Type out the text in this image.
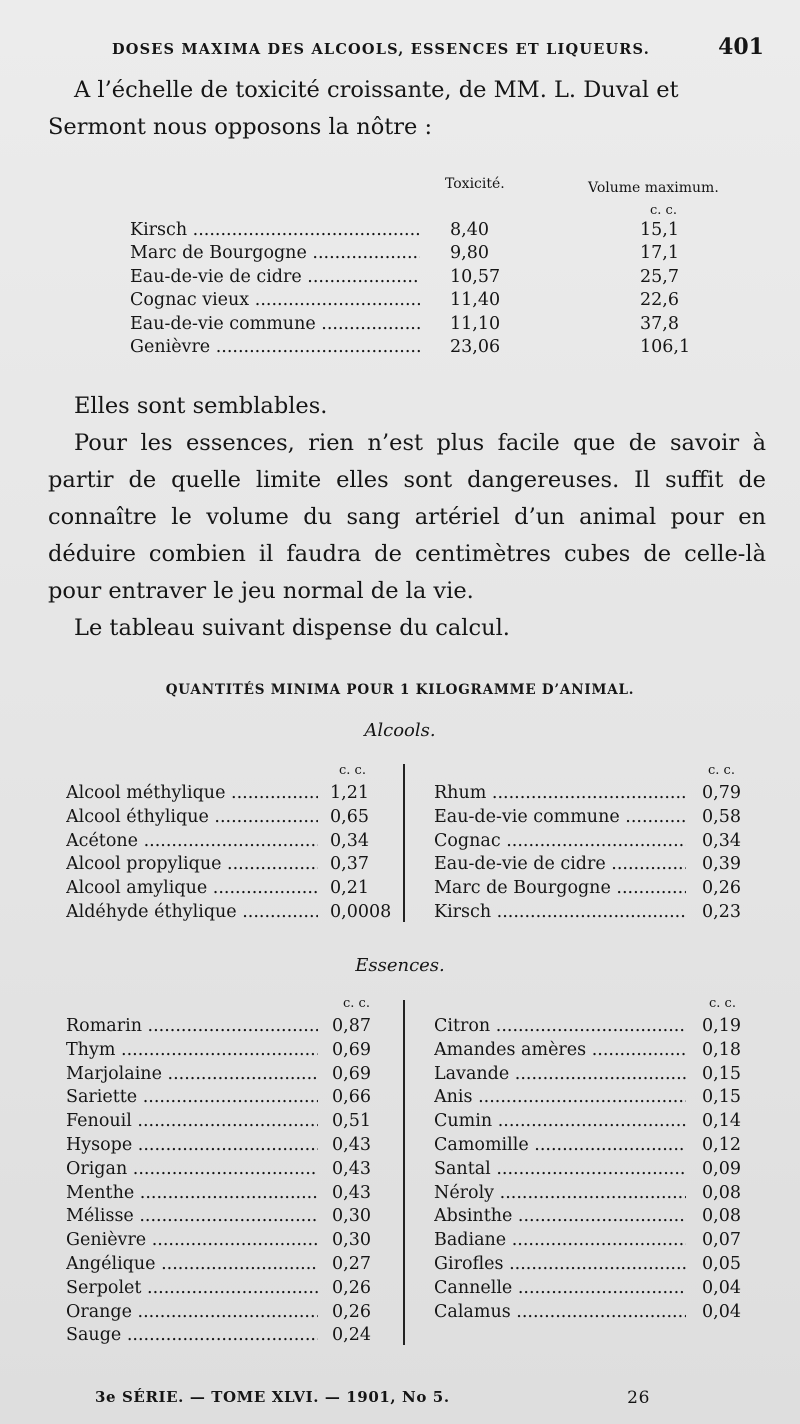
DOSES MAXIMA DES ALCOOLS, ESSENCES ET LIQUEURS.	401
A l’échelle de toxicité croissante, de MM. L. Duval et Sermont nous opposons la nôtre :
Toxicité.	Volume maximum.
c. c.
Kirsch .....	8,40	15,1
Marc de Bourgogne .....	9,80	17,1
Eau-de-vie de cidre .....	10,57	25,7
Cognac vieux .....	11,40	22,6
Eau-de-vie commune .....	11,10	37,8
Genièvre .....	23,06	106,1
Elles sont semblables.
Pour les essences, rien n’est plus facile que de savoir à partir de quelle limite elles sont dangereuses. Il suffit de connaître le volume du sang artériel d’un animal pour en déduire combien il faudra de centimètres cubes de celle-là pour entraver le jeu normal de la vie.
Le tableau suivant dispense du calcul.
QUANTITÉS MINIMA POUR 1 KILOGRAMME D’ANIMAL.
Alcools.
c. c.
Alcool méthylique .....	1,21
Alcool éthylique .....	0,65
Acétone .....	0,34
Alcool propylique .....	0,37
Alcool amylique .....	0,21
Aldéhyde éthylique .....	0,0008
c. c.
Rhum .....	0,79
Eau-de-vie commune .....	0,58
Cognac .....	0,34
Eau-de-vie de cidre .....	0,39
Marc de Bourgogne .....	0,26
Kirsch .....	0,23
Essences.
c. c.
Romarin .....	0,87
Thym .....	0,69
Marjolaine .....	0,69
Sariette .....	0,66
Fenouil .....	0,51
Hysope .....	0,43
Origan .....	0,43
Menthe .....	0,43
Mélisse .....	0,30
Genièvre .....	0,30
Angélique .....	0,27
Serpolet .....	0,26
Orange .....	0,26
Sauge .....	0,24
c. c.
Citron .....	0,19
Amandes amères .....	0,18
Lavande .....	0,15
Anis .....	0,15
Cumin .....	0,14
Camomille .....	0,12
Santal .....	0,09
Néroly .....	0,08
Absinthe .....	0,08
Badiane .....	0,07
Girofles .....	0,05
Cannelle .....	0,04
Calamus .....	0,04
3e SÉRIE. — TOME XLVI. — 1901, No 5.	26
